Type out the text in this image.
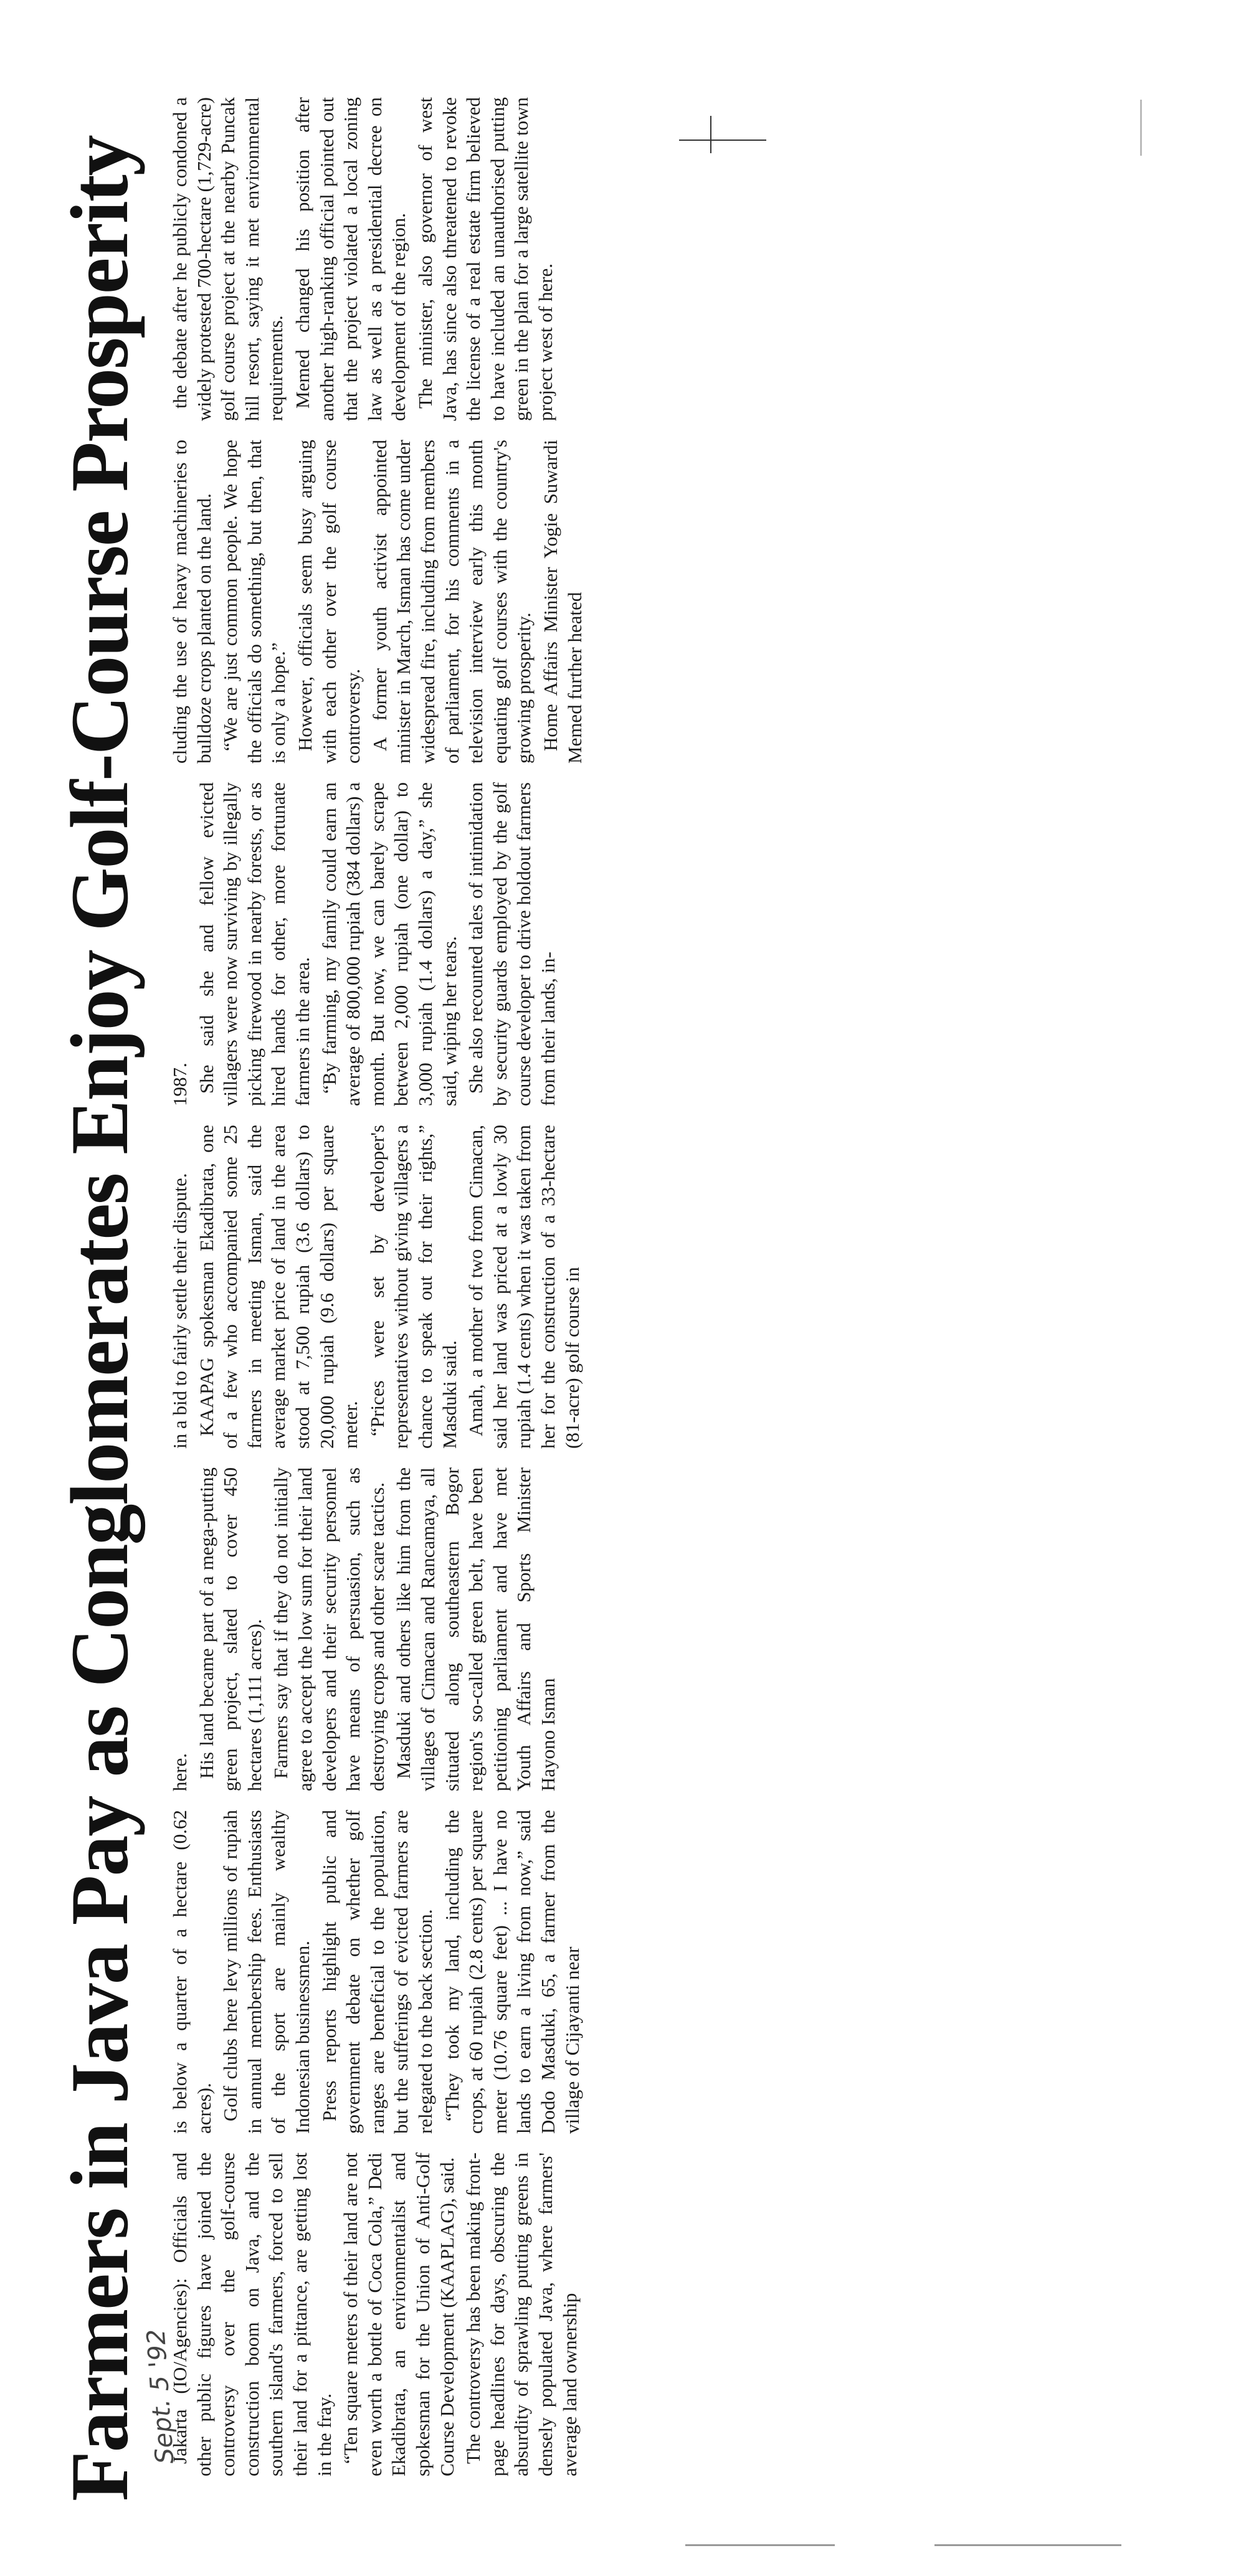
Farmers in Java Pay as Conglomerates Enjoy Golf-Course Prosperity
Sept. 5 '92

Jakarta (IO/Agencies): Officials and other public figures have joined the controversy over the golf-course construction boom on Java, and the southern island's farmers, forced to sell their land for a pittance, are getting lost in the fray. “Ten square meters of their land are not even worth a bottle of Coca Cola,” Dedi Ekadibrata, an environmentalist and spokesman for the Union of Anti-Golf Course Development (KAAPLAG), said. The controversy has been making front-page headlines for days, obscuring the absurdity of sprawling putting greens in densely populated Java, where farmers' average land ownership

is below a quarter of a hectare (0.62 acres). Golf clubs here levy millions of rupiah in annual membership fees. Enthusiasts of the sport are mainly wealthy Indonesian businessmen. Press reports highlight public and government debate on whether golf ranges are beneficial to the population, but the sufferings of evicted farmers are relegated to the back section. “They took my land, including the crops, at 60 rupiah (2.8 cents) per square meter (10.76 square feet) ... I have no lands to earn a living from now,” said Dodo Masduki, 65, a farmer from the village of Cijayanti near

here. His land became part of a mega-putting green project, slated to cover 450 hectares (1,111 acres). Farmers say that if they do not initially agree to accept the low sum for their land developers and their security personnel have means of persuasion, such as destroying crops and other scare tactics. Masduki and others like him from the villages of Cimacan and Rancamaya, all situated along southeastern Bogor region's so-called green belt, have been petitioning parliament and have met Youth Affairs and Sports Minister Hayono Isman

in a bid to fairly settle their dispute. KAAPAG spokesman Ekadibrata, one of a few who accompanied some 25 farmers in meeting Isman, said the average market price of land in the area stood at 7,500 rupiah (3.6 dollars) to 20,000 rupiah (9.6 dollars) per square meter. “Prices were set by developer's representatives without giving villagers a chance to speak out for their rights,” Masduki said. Amah, a mother of two from Cimacan, said her land was priced at a lowly 30 rupiah (1.4 cents) when it was taken from her for the construction of a 33-hectare (81-acre) golf course in

1987. She said she and fellow evicted villagers were now surviving by illegally picking firewood in nearby forests, or as hired hands for other, more fortunate farmers in the area. “By farming, my family could earn an average of 800,000 rupiah (384 dollars) a month. But now, we can barely scrape between 2,000 rupiah (one dollar) to 3,000 rupiah (1.4 dollars) a day,” she said, wiping her tears. She also recounted tales of intimidation by security guards employed by the golf course developer to drive holdout farmers from their lands, in-

cluding the use of heavy machineries to bulldoze crops planted on the land. “We are just common people. We hope the officials do something, but then, that is only a hope.” However, officials seem busy arguing with each other over the golf course controversy. A former youth activist appointed minister in March, Isman has come under widespread fire, including from members of parliament, for his comments in a television interview early this month equating golf courses with the country's growing prosperity. Home Affairs Minister Yogie Suwardi Memed further heated

the debate after he publicly condoned a widely protested 700-hectare (1,729-acre) golf course project at the nearby Puncak hill resort, saying it met environmental requirements. Memed changed his position after another high-ranking official pointed out that the project violated a local zoning law as well as a presidential decree on development of the region. The minister, also governor of west Java, has since also threatened to revoke the license of a real estate firm believed to have included an unauthorised putting green in the plan for a large satellite town project west of here.
